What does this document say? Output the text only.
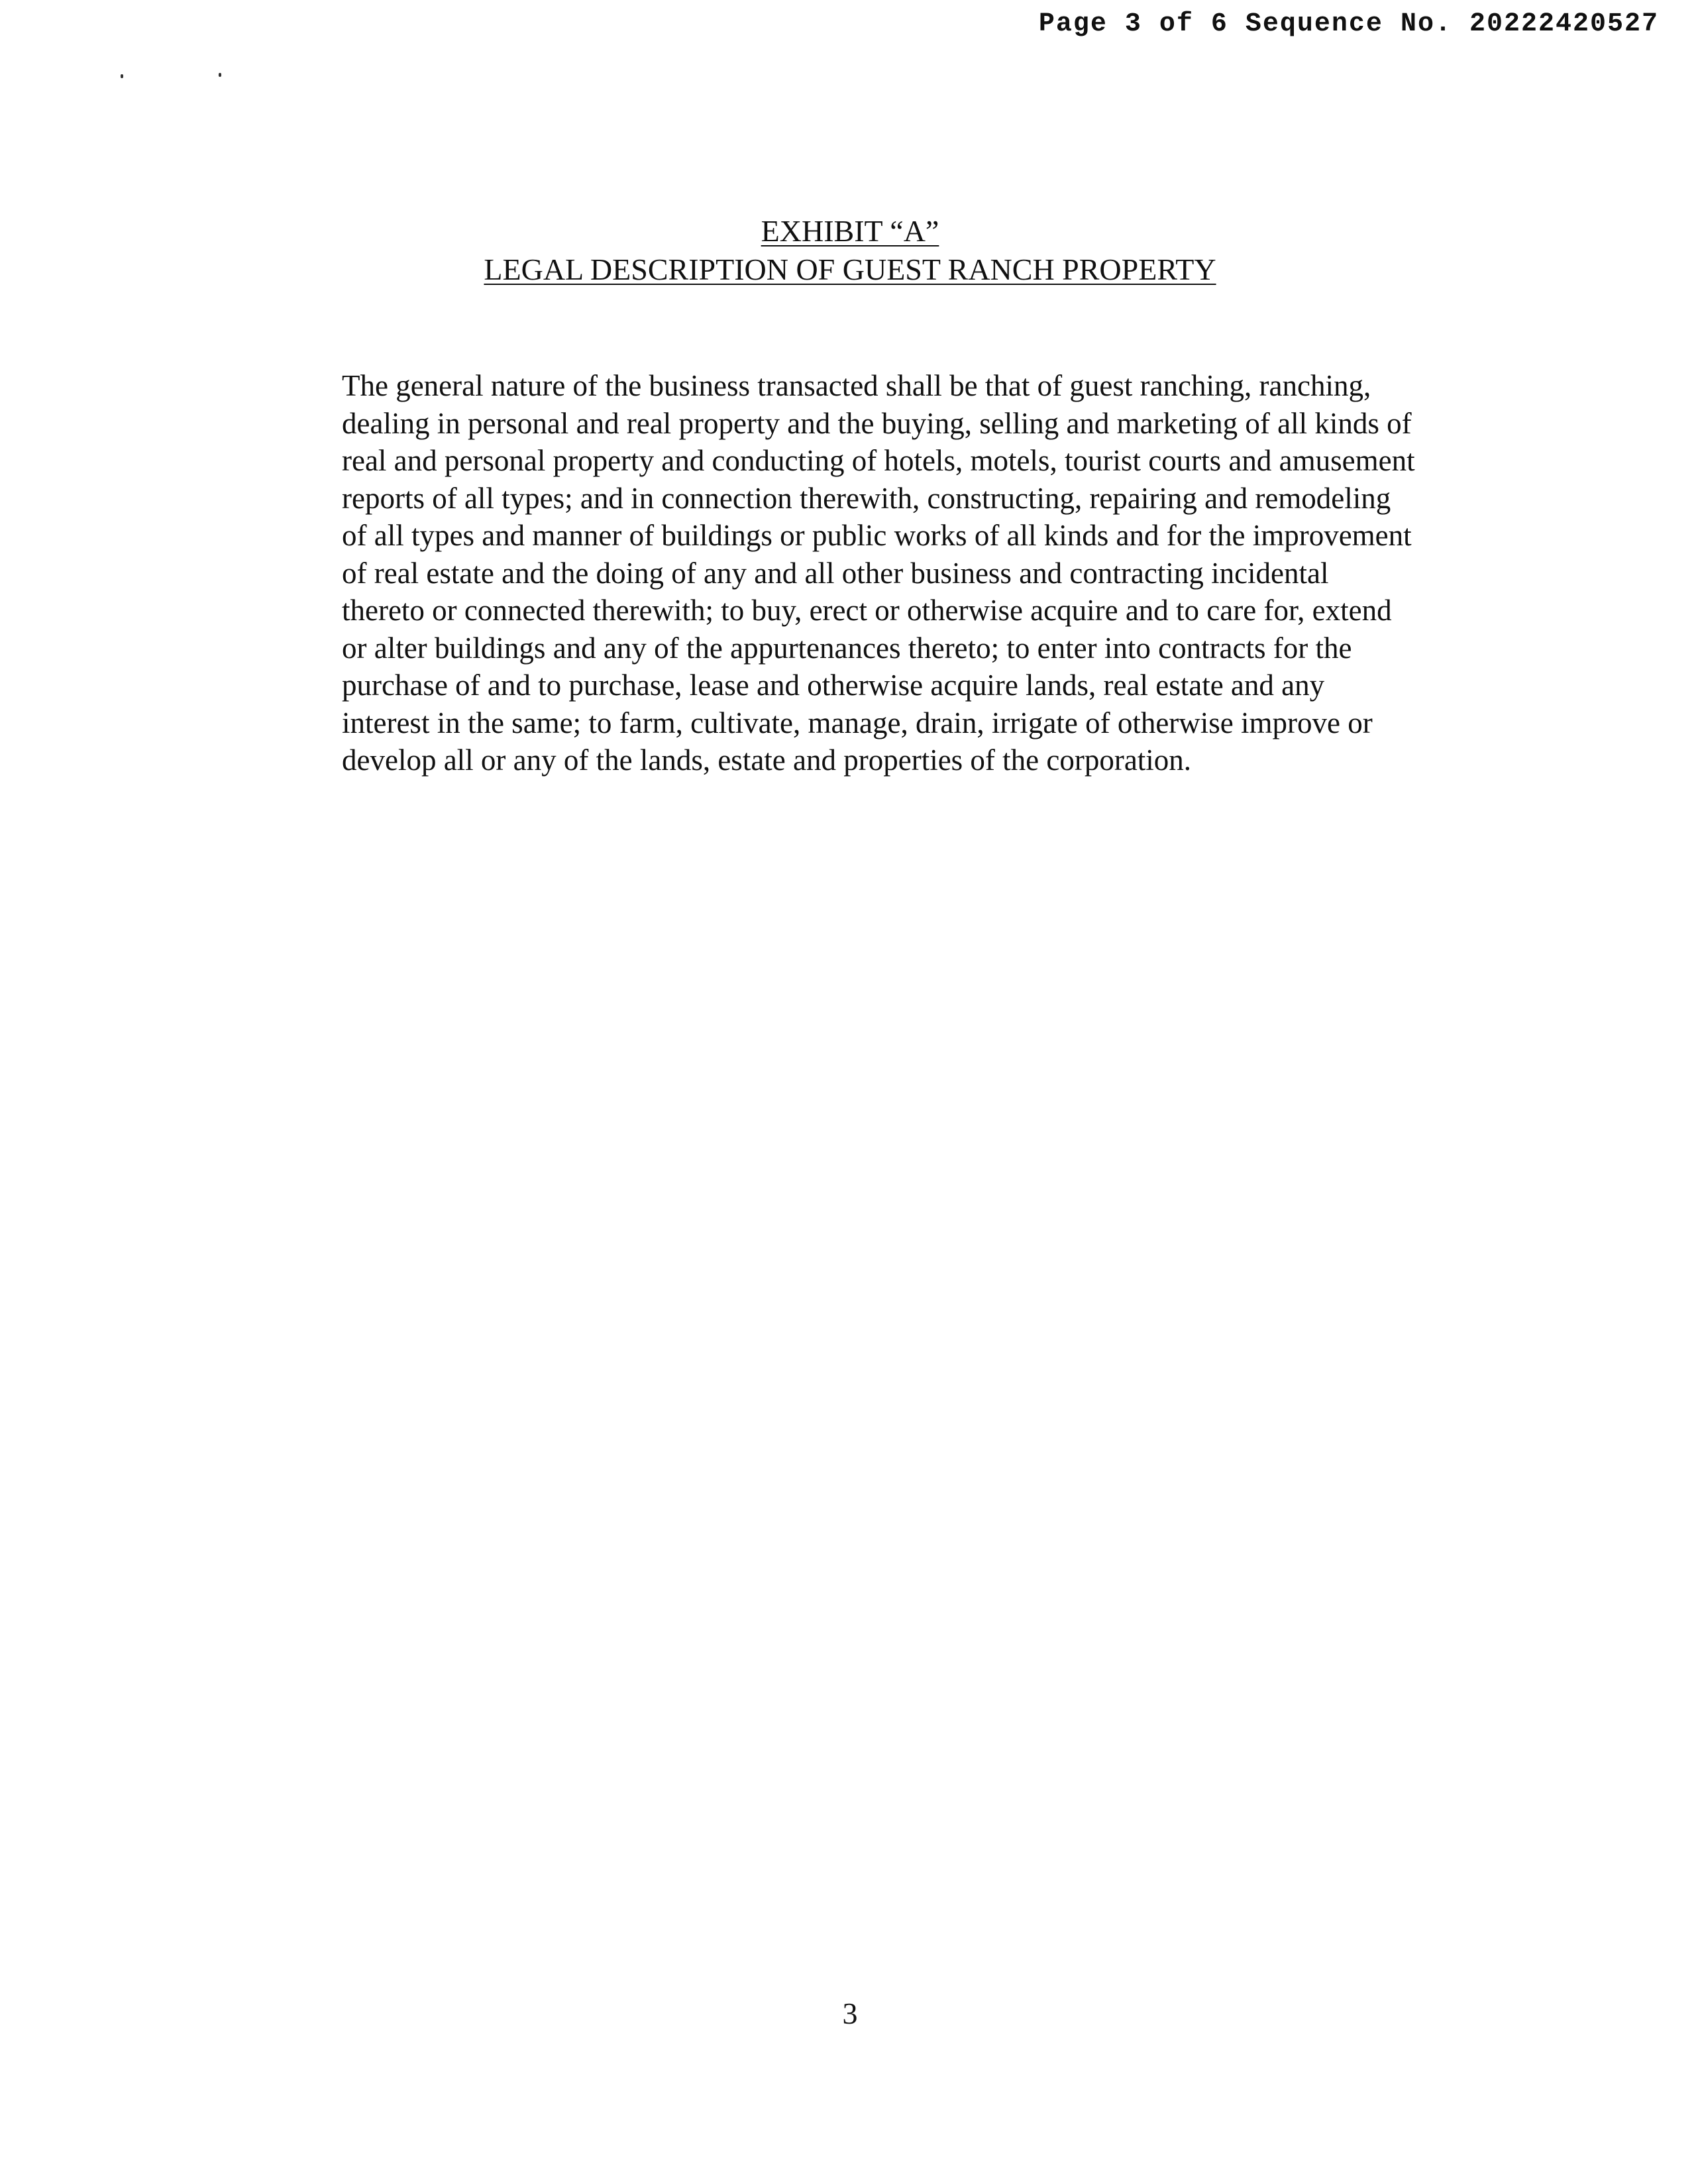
Page 3 of 6 Sequence No. 20222420527

EXHIBIT “A”
LEGAL DESCRIPTION OF GUEST RANCH PROPERTY

The general nature of the business transacted shall be that of guest ranching, ranching, dealing in personal and real property and the buying, selling and marketing of all kinds of real and personal property and conducting of hotels, motels, tourist courts and amusement reports of all types; and in connection therewith, constructing, repairing and remodeling of all types and manner of buildings or public works of all kinds and for the improvement of real estate and the doing of any and all other business and contracting incidental thereto or connected therewith; to buy, erect or otherwise acquire and to care for, extend or alter buildings and any of the appurtenances thereto; to enter into contracts for the purchase of and to purchase, lease and otherwise acquire lands, real estate and any interest in the same; to farm, cultivate, manage, drain, irrigate of otherwise improve or develop all or any of the lands, estate and properties of the corporation.

3
